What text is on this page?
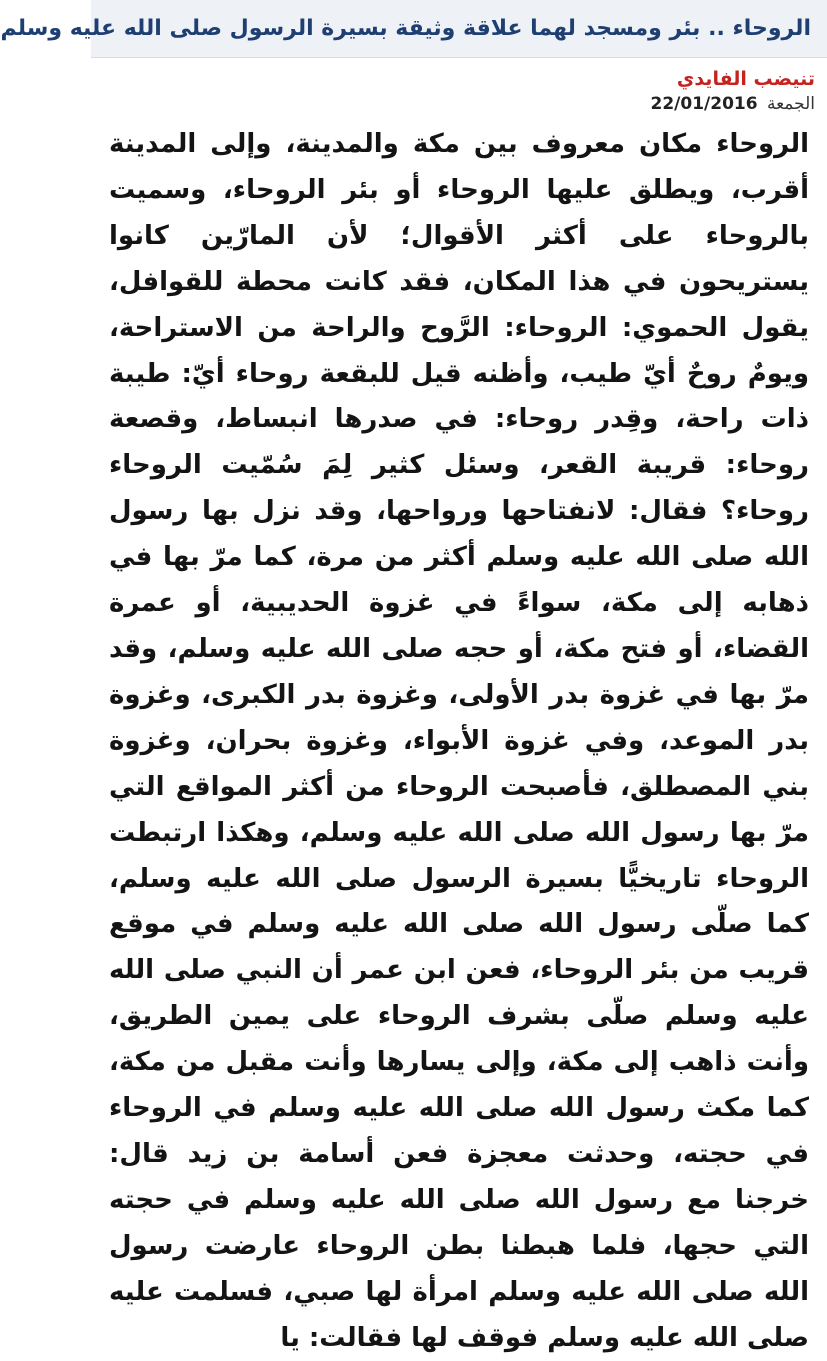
الروحاء .. بئر ومسجد لهما علاقة وثيقة بسيرة الرسول صلى الله عليه وسلم
تنيضب الفايدي
الجمعة 22/01/2016

الروحاء مكان معروف بين مكة والمدينة، وإلى المدينة أقرب، ويطلق عليها الروحاء أو بئر الروحاء، وسميت بالروحاء على أكثر الأقوال؛ لأن المارّين كانوا يستريحون في هذا المكان، فقد كانت محطة للقوافل، يقول الحموي: الروحاء: الرَّوح والراحة من الاستراحة، ويومٌ روحٌ أيّ طيب، وأظنه قيل للبقعة روحاء أيّ: طيبة ذات راحة، وقِدر روحاء: في صدرها انبساط، وقصعة روحاء: قريبة القعر، وسئل كثير لِمَ سُمّيت الروحاء روحاء؟ فقال: لانفتاحها ورواحها، وقد نزل بها رسول الله صلى الله عليه وسلم أكثر من مرة، كما مرّ بها في ذهابه إلى مكة، سواءً في غزوة الحديبية، أو عمرة القضاء، أو فتح مكة، أو حجه صلى الله عليه وسلم، وقد مرّ بها في غزوة بدر الأولى، وغزوة بدر الكبرى، وغزوة بدر الموعد، وفي غزوة الأبواء، وغزوة بحران، وغزوة بني المصطلق، فأصبحت الروحاء من أكثر المواقع التي مرّ بها رسول الله صلى الله عليه وسلم، وهكذا ارتبطت الروحاء تاريخيًّا بسيرة الرسول صلى الله عليه وسلم، كما صلّى رسول الله صلى الله عليه وسلم في موقع قريب من بئر الروحاء، فعن ابن عمر أن النبي صلى الله عليه وسلم صلّى بشرف الروحاء على يمين الطريق، وأنت ذاهب إلى مكة، وإلى يسارها وأنت مقبل من مكة، كما مكث رسول الله صلى الله عليه وسلم في الروحاء في حجته، وحدثت معجزة فعن أسامة بن زيد قال: خرجنا مع رسول الله صلى الله عليه وسلم في حجته التي حجها، فلما هبطنا بطن الروحاء عارضت رسول الله صلى الله عليه وسلم امرأة لها صبي، فسلمت عليه صلى الله عليه وسلم فوقف لها فقالت: يا
